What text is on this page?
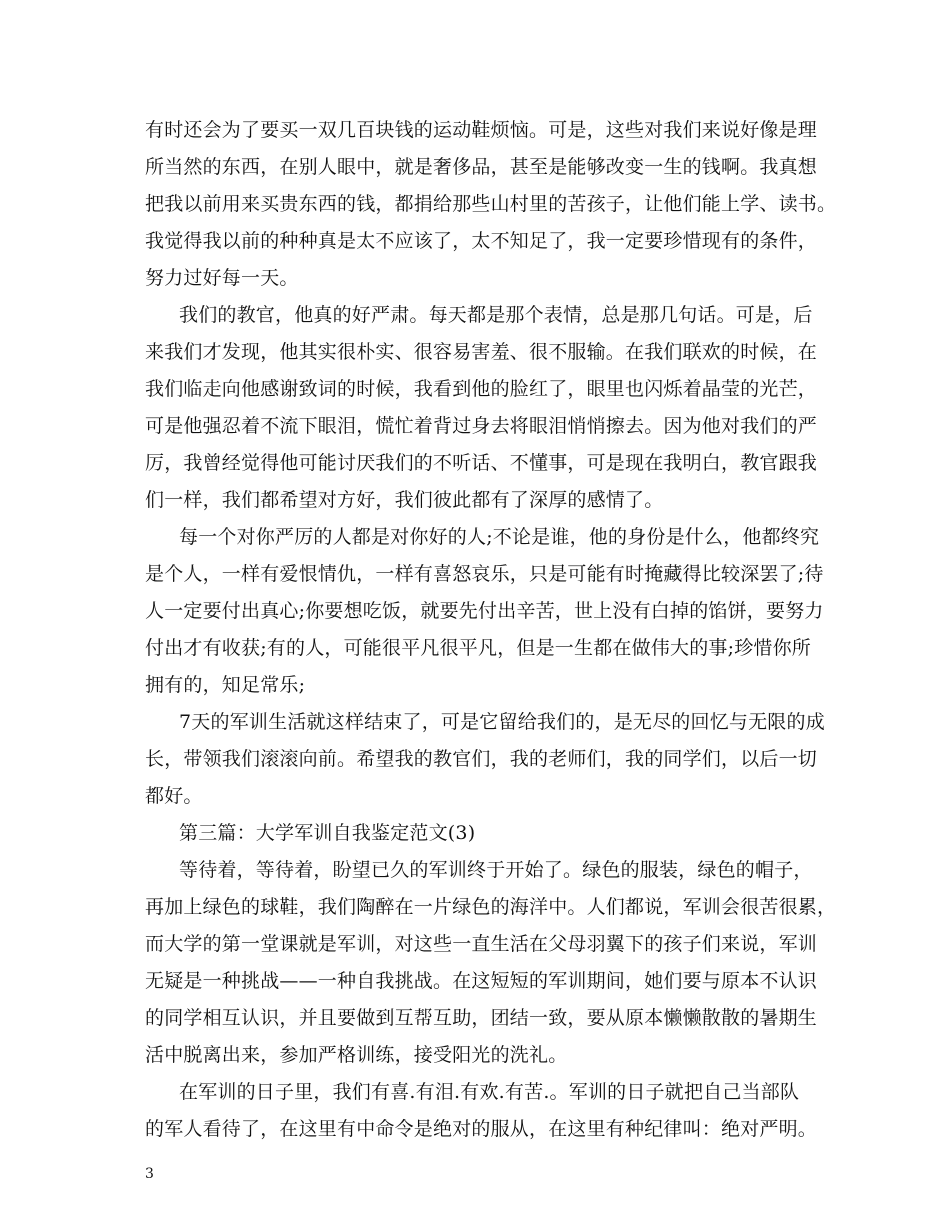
有时还会为了要买一双几百块钱的运动鞋烦恼。可是，这些对我们来说好像是理
所当然的东西，在别人眼中，就是奢侈品，甚至是能够改变一生的钱啊。我真想
把我以前用来买贵东西的钱，都捐给那些山村里的苦孩子，让他们能上学、读书。
我觉得我以前的种种真是太不应该了，太不知足了，我一定要珍惜现有的条件，
努力过好每一天。
我们的教官，他真的好严肃。每天都是那个表情，总是那几句话。可是，后
来我们才发现，他其实很朴实、很容易害羞、很不服输。在我们联欢的时候，在
我们临走向他感谢致词的时候，我看到他的脸红了，眼里也闪烁着晶莹的光芒，
可是他强忍着不流下眼泪，慌忙着背过身去将眼泪悄悄擦去。因为他对我们的严
厉，我曾经觉得他可能讨厌我们的不听话、不懂事，可是现在我明白，教官跟我
们一样，我们都希望对方好，我们彼此都有了深厚的感情了。
每一个对你严厉的人都是对你好的人;不论是谁，他的身份是什么，他都终究
是个人，一样有爱恨情仇，一样有喜怒哀乐，只是可能有时掩藏得比较深罢了;待
人一定要付出真心;你要想吃饭，就要先付出辛苦，世上没有白掉的馅饼，要努力
付出才有收获;有的人，可能很平凡很平凡，但是一生都在做伟大的事;珍惜你所
拥有的，知足常乐;
7天的军训生活就这样结束了，可是它留给我们的，是无尽的回忆与无限的成
长，带领我们滚滚向前。希望我的教官们，我的老师们，我的同学们，以后一切
都好。
第三篇：大学军训自我鉴定范文(3)
等待着，等待着，盼望已久的军训终于开始了。绿色的服装，绿色的帽子，
再加上绿色的球鞋，我们陶醉在一片绿色的海洋中。人们都说，军训会很苦很累，
而大学的第一堂课就是军训，对这些一直生活在父母羽翼下的孩子们来说，军训
无疑是一种挑战——一种自我挑战。在这短短的军训期间，她们要与原本不认识
的同学相互认识，并且要做到互帮互助，团结一致，要从原本懒懒散散的暑期生
活中脱离出来，参加严格训练，接受阳光的洗礼。
在军训的日子里，我们有喜.有泪.有欢.有苦.。军训的日子就把自己当部队
的军人看待了，在这里有中命令是绝对的服从，在这里有种纪律叫：绝对严明。
3
